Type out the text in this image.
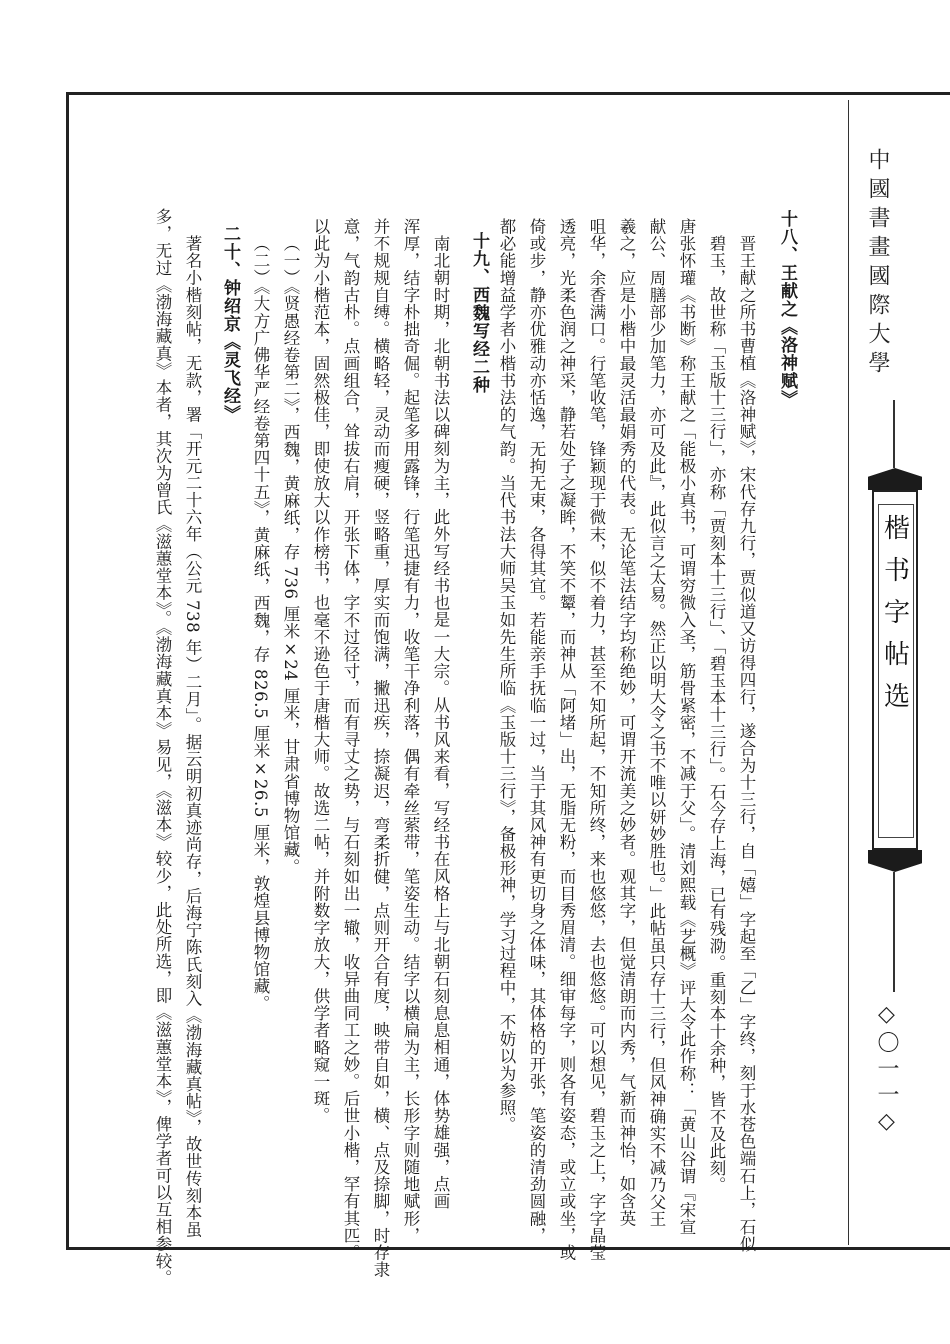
中國書畫國際大學
楷书字帖选
◇〇一一◇
十八、王献之《洛神赋》
晋王献之所书曹植《洛神赋》，宋代存九行，贾似道又访得四行，遂合为十三行，自「嬉」字起至「乙」字终，刻于水苍色端石上，石似
碧玉，故世称「玉版十三行」，亦称「贾刻本十三行」、「碧玉本十三行」。石今存上海，已有残泐。重刻本十余种，皆不及此刻。
唐张怀瓘《书断》称王献之「能极小真书，可谓穷微入圣，筋骨紧密，不减于父」。清刘熙载《艺概》评大令此作称：「黄山谷谓『宋宣
献公、周膳部少加笔力，亦可及此』，此似言之太易。然正以明大令之书不唯以妍妙胜也。」此帖虽只存十三行，但风神确实不减乃父王
羲之，应是小楷中最灵活最娟秀的代表。无论笔法结字均称绝妙，可谓开流美之妙者。观其字，但觉清朗而内秀，气新而神怡，如含英
咀华，余香满口。行笔收笔，锋颖现于微末，似不着力，甚至不知所起，不知所终，来也悠悠，去也悠悠。可以想见，碧玉之上，字字晶莹
透亮，光柔色润之神采，静若处子之凝眸，不笑不颦，而神从「阿堵」出，无脂无粉，而目秀眉清。细审每字，则各有姿态，或立或坐，或
倚或步，静亦优雅动亦恬逸，无拘无束，各得其宜。若能亲手抚临一过，当于其风神有更切身之体味，其体格的开张，笔姿的清劲圆融，
都必能增益学者小楷书法的气韵。当代书法大师吴玉如先生所临《玉版十三行》，备极形神，学习过程中，不妨以为参照。
十九、西魏写经二种
南北朝时期，北朝书法以碑刻为主，此外写经书也是一大宗。从书风来看，写经书在风格上与北朝石刻息息相通，体势雄强，点画
浑厚，结字朴拙奇倔。起笔多用露锋，行笔迅捷有力，收笔干净利落，偶有牵丝萦带，笔姿生动。结字以横扁为主，长形字则随地赋形，
并不规规自缚。横略轻，灵动而瘦硬，竖略重，厚实而饱满，撇迅疾，捺凝迟，弯柔折健，点则开合有度，映带自如，横、点及捺脚，时存隶
意，气韵古朴。点画组合，耸拔右肩，开张下体，字不过径寸，而有寻丈之势，与石刻如出一辙，收异曲同工之妙。后世小楷，罕有其匹。
以此为小楷范本，固然极佳，即使放大以作榜书，也毫不逊色于唐楷大师。故选二帖，并附数字放大，供学者略窥一斑。
（一）《贤愚经卷第二》，西魏，黄麻纸，存 736 厘米×24 厘米，甘肃省博物馆藏。
（二）《大方广佛华严经卷第四十五》，黄麻纸，西魏，存 826.5 厘米×26.5 厘米，敦煌县博物馆藏。
二十、钟绍京《灵飞经》
著名小楷刻帖，无款，署「开元二十六年（公元 738 年）二月」。据云明初真迹尚存，后海宁陈氏刻入《渤海藏真帖》，故世传刻本虽
多，无过《渤海藏真》本者，其次为曾氏《滋蕙堂本》。《渤海藏真本》易见，《滋本》较少，此处所选，即《滋蕙堂本》，俾学者可以互相参较。
